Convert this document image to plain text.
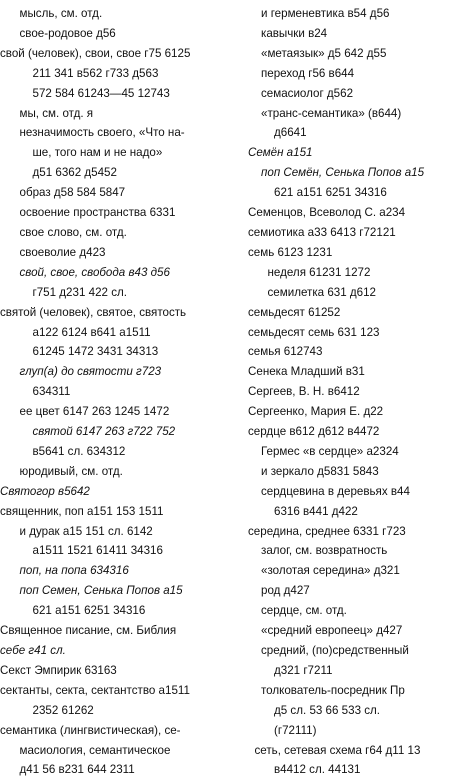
мысль, см. отд.
свое-родовое д56
свой (человек), свои, свое г75 6125
211 341 в562 г733 д563
572 584 61243—45 12743
мы, см. отд. я
незначимость своего, «Что на-
ше, того нам и не надо»
д51 6362 д5452
образ д58 584 5847
освоение пространства 6331
свое слово, см. отд.
своеволие д423
свой, свое, свобода в43 д56
г751 д231 422 сл.
святой (человек), святое, святость
а122 6124 в641 а1511
61245 1472 3431 34313
глуп(а) до святости г723
634311
ее цвет 6147 263 1245 1472
святой 6147 263 г722 752
в5641 сл. 634312
юродивый, см. отд.
Святогор в5642
священник, поп а151 153 1511
и дурак а15 151 сл. 6142
а1511 1521 61411 34316
поп, на попа 634316
поп Семен, Сенька Попов а15
621 а151 6251 34316
Священное писание, см. Библия
себе г41 сл.
Секст Эмпирик 63163
сектанты, секта, сектантство а1511
2352 61262
семантика (лингвистическая), се-
масиология, семантическое
д41 56 в231 644 2311
и герменевтика в54 д56
кавычки в24
«метаязык» д5 642 д55
переход г56 в644
семасиолог д562
«транс-семантика» (в644)
д6641
Семён а151
поп Семён, Сенька Попов а15
621 а151 6251 34316
Семенцов, Всеволод С. а234
семиотика а33 6413 г72121
семь 6123 1231
неделя 61231 1272
семилетка 631 д612
семьдесят 61252
семьдесят семь 631 123
семья 612743
Сенека Младший в31
Сергеев, В. Н. в6412
Сергеенко, Мария Е. д22
сердце в612 д612 в4472
Гермес «в сердце» а2324
и зеркало д5831 5843
сердцевина в деревьях в44
6316 в441 д422
середина, среднее 6331 г723
залог, см. возвратность
«золотая середина» д321
род д427
сердце, см. отд.
«средний европеец» д427
средний, (по)средственный
д321 г7211
толкователь-посредник Пр
д5 сл. 53 66 533 сл.
(г72111)
сеть, сетевая схема г64 д11 13
в4412 сл. 44131
